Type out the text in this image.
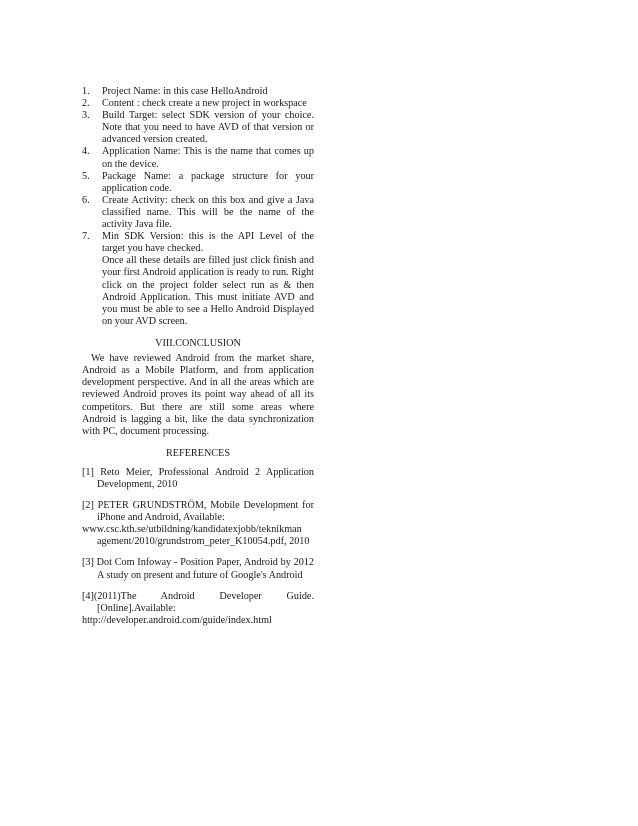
1. Project Name: in this case HelloAndroid
2. Content : check create a new project in workspace
3. Build Target: select SDK version of your choice. Note that you need to have AVD of that version or advanced version created.
4. Application Name: This is the name that comes up on the device.
5. Package Name: a package structure for your application code.
6. Create Activity: check on this box and give a Java classified name. This will be the name of the activity Java file.
7. Min SDK Version: this is the API Level of the target you have checked.

Once all these details are filled just click finish and your first Android application is ready to run. Right click on the project folder select run as & then Android Application. This must initiate AVD and you must be able to see a Hello Android Displayed on your AVD screen.

VIII.CONCLUSION

We have reviewed Android from the market share, Android as a Mobile Platform, and from application development perspective. And in all the areas which are reviewed Android proves its point way ahead of all its competitors. But there are still some areas where Android is lagging a bit, like the data synchronization with PC, document processing.

REFERENCES

[1] Reto Meier, Professional Android 2 Application Development, 2010

[2] PETER GRUNDSTRÖM, Mobile Development for iPhone and Android, Available:
www.csc.kth.se/utbildning/kandidatexjobb/teknikman agement/2010/grundstrom_peter_K10054.pdf, 2010

[3] Dot Com Infoway - Position Paper, Android by 2012 A study on present and future of Google's Android

[4](2011)The Android Developer Guide. [Online].Available:
http://developer.android.com/guide/index.html
